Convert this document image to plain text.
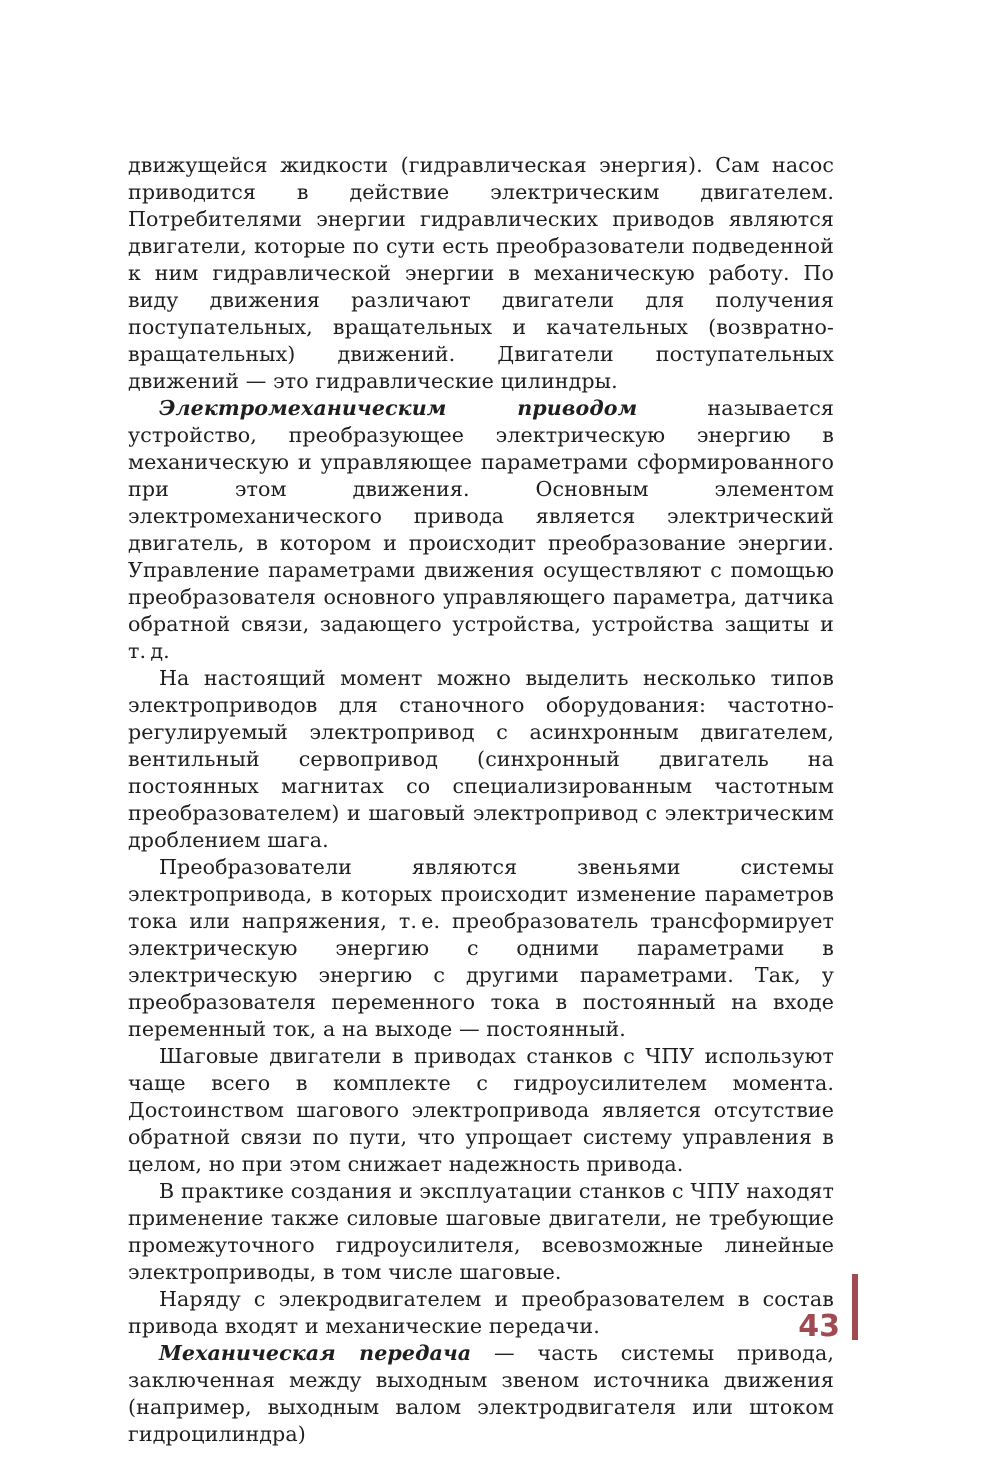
движущейся жидкости (гидравлическая энергия). Сам насос приводится в действие электрическим двигателем. Потребителями энергии гидравлических приводов являются двигатели, которые по сути есть преобразователи подведенной к ним гидравлической энергии в механическую работу. По виду движения различают двигатели для получения поступательных, вращательных и качательных (возвратно-вращательных) движений. Двигатели поступательных движений — это гидравлические цилиндры.

Электромеханическим приводом называется устройство, преобразующее электрическую энергию в механическую и управляющее параметрами сформированного при этом движения. Основным элементом электромеханического привода является электрический двигатель, в котором и происходит преобразование энергии. Управление параметрами движения осуществляют с помощью преобразователя основного управляющего параметра, датчика обратной связи, задающего устройства, устройства защиты и т. д.

На настоящий момент можно выделить несколько типов электроприводов для станочного оборудования: частотно-регулируемый электропривод с асинхронным двигателем, вентильный сервопривод (синхронный двигатель на постоянных магнитах со специализированным частотным преобразователем) и шаговый электропривод с электрическим дроблением шага.

Преобразователи являются звеньями системы электропривода, в которых происходит изменение параметров тока или напряжения, т. е. преобразователь трансформирует электрическую энергию с одними параметрами в электрическую энергию с другими параметрами. Так, у преобразователя переменного тока в постоянный на входе переменный ток, а на выходе — постоянный.

Шаговые двигатели в приводах станков с ЧПУ используют чаще всего в комплекте с гидроусилителем момента. Достоинством шагового электропривода является отсутствие обратной связи по пути, что упрощает систему управления в целом, но при этом снижает надежность привода.

В практике создания и эксплуатации станков с ЧПУ находят применение также силовые шаговые двигатели, не требующие промежуточного гидроусилителя, всевозможные линейные электроприводы, в том числе шаговые.

Наряду с элекродвигателем и преобразователем в состав привода входят и механические передачи.

Механическая передача — часть системы привода, заключенная между выходным звеном источника движения (например, выходным валом электродвигателя или штоком гидроцилиндра)

43
